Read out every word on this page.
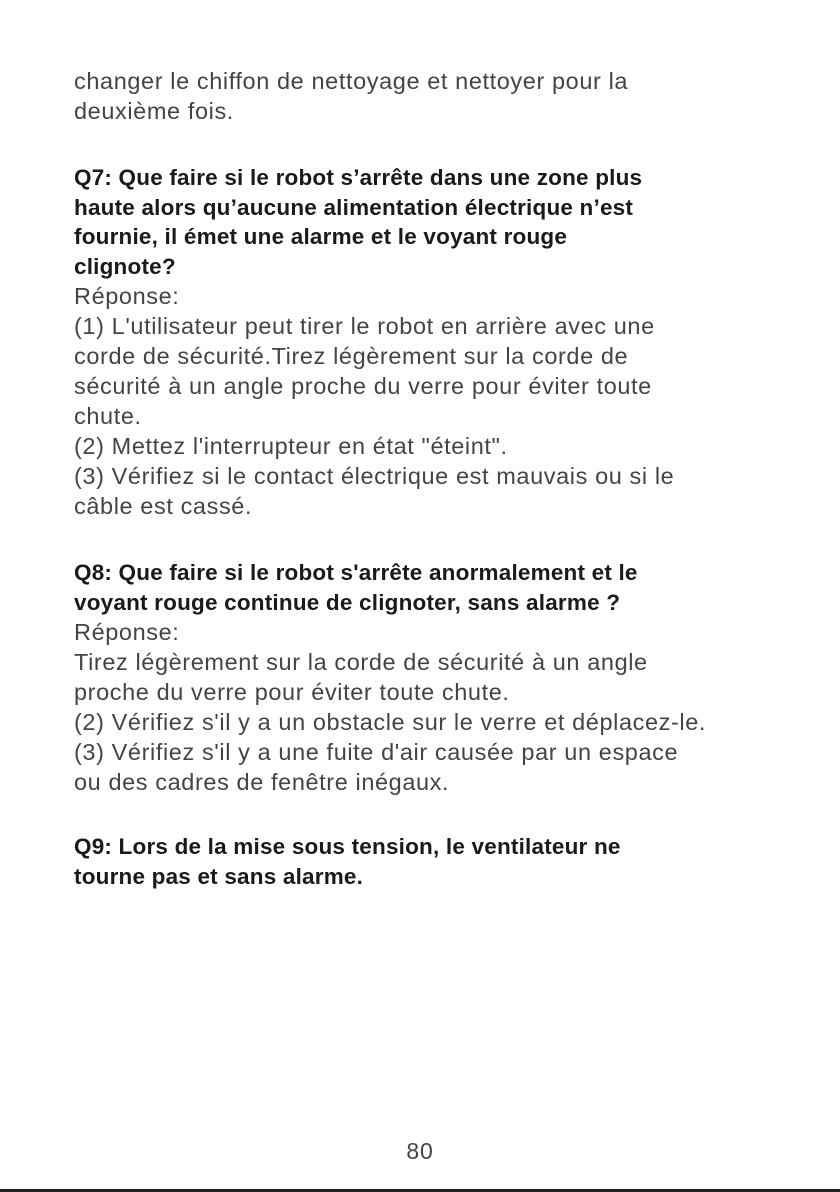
changer le chiffon de nettoyage et nettoyer pour la
deuxième fois.
Q7: Que faire si le robot s’arrête dans une zone plus
haute alors qu’aucune alimentation électrique n’est
fournie, il émet une alarme et le voyant rouge
clignote?
Réponse:
(1) L'utilisateur peut tirer le robot en arrière avec une
corde de sécurité.Tirez légèrement sur la corde de
sécurité à un angle proche du verre pour éviter toute
chute.
(2) Mettez l'interrupteur en état "éteint".
(3) Vérifiez si le contact électrique est mauvais ou si le
câble est cassé.
Q8: Que faire si le robot s'arrête anormalement et le
voyant rouge continue de clignoter, sans alarme ?
Réponse:
Tirez légèrement sur la corde de sécurité à un angle
proche du verre pour éviter toute chute.
(2) Vérifiez s'il y a un obstacle sur le verre et déplacez-le.
(3) Vérifiez s'il y a une fuite d'air causée par un espace
ou des cadres de fenêtre inégaux.
Q9: Lors de la mise sous tension, le ventilateur ne
tourne pas et sans alarme.
80
